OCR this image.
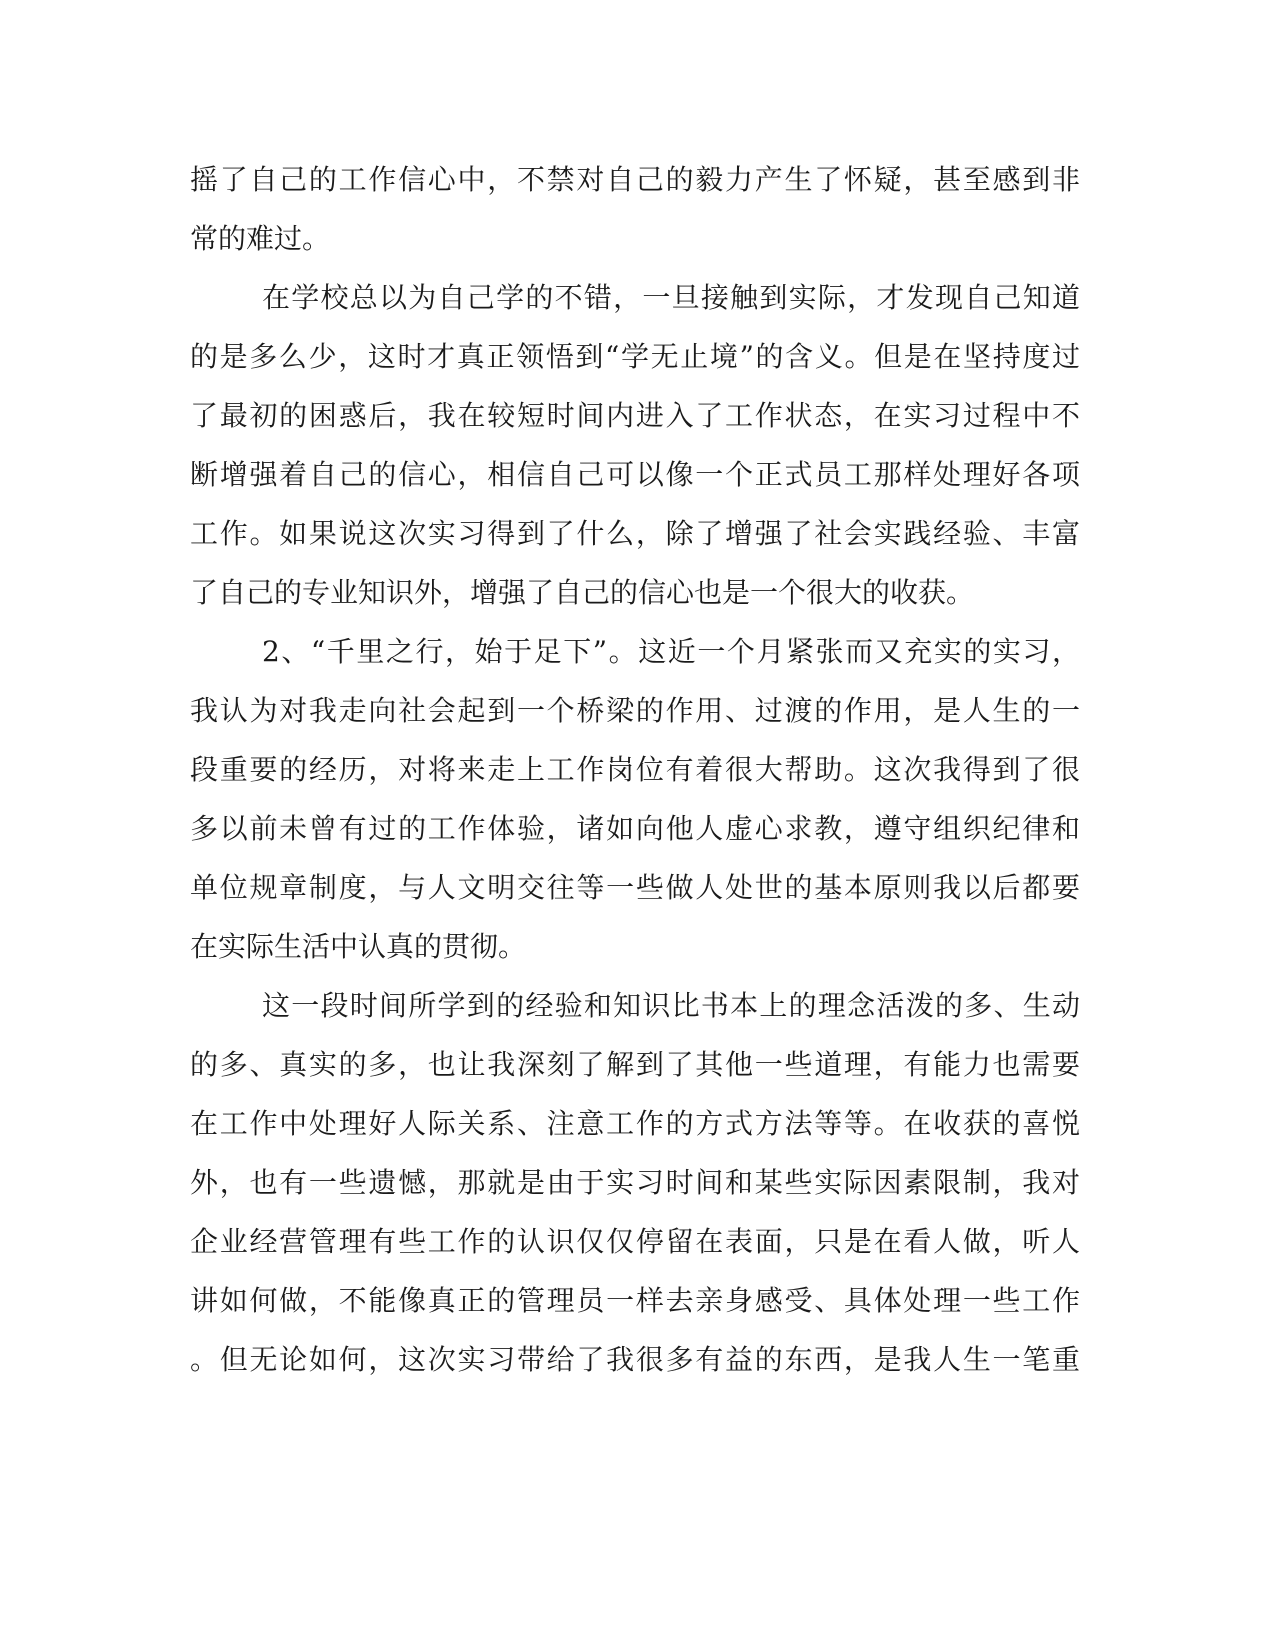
摇了自己的工作信心中，不禁对自己的毅力产生了怀疑，甚至感到非
常的难过。
在学校总以为自己学的不错，一旦接触到实际，才发现自己知道
的是多么少，这时才真正领悟到“学无止境”的含义。但是在坚持度过
了最初的困惑后，我在较短时间内进入了工作状态，在实习过程中不
断增强着自己的信心，相信自己可以像一个正式员工那样处理好各项
工作。如果说这次实习得到了什么，除了增强了社会实践经验、丰富
了自己的专业知识外，增强了自己的信心也是一个很大的收获。
2、“千里之行，始于足下”。这近一个月紧张而又充实的实习，
我认为对我走向社会起到一个桥梁的作用、过渡的作用，是人生的一
段重要的经历，对将来走上工作岗位有着很大帮助。这次我得到了很
多以前未曾有过的工作体验，诸如向他人虚心求教，遵守组织纪律和
单位规章制度，与人文明交往等一些做人处世的基本原则我以后都要
在实际生活中认真的贯彻。
这一段时间所学到的经验和知识比书本上的理念活泼的多、生动
的多、真实的多，也让我深刻了解到了其他一些道理，有能力也需要
在工作中处理好人际关系、注意工作的方式方法等等。在收获的喜悦
外，也有一些遗憾，那就是由于实习时间和某些实际因素限制，我对
企业经营管理有些工作的认识仅仅停留在表面，只是在看人做，听人
讲如何做，不能像真正的管理员一样去亲身感受、具体处理一些工作
。但无论如何，这次实习带给了我很多有益的东西，是我人生一笔重
